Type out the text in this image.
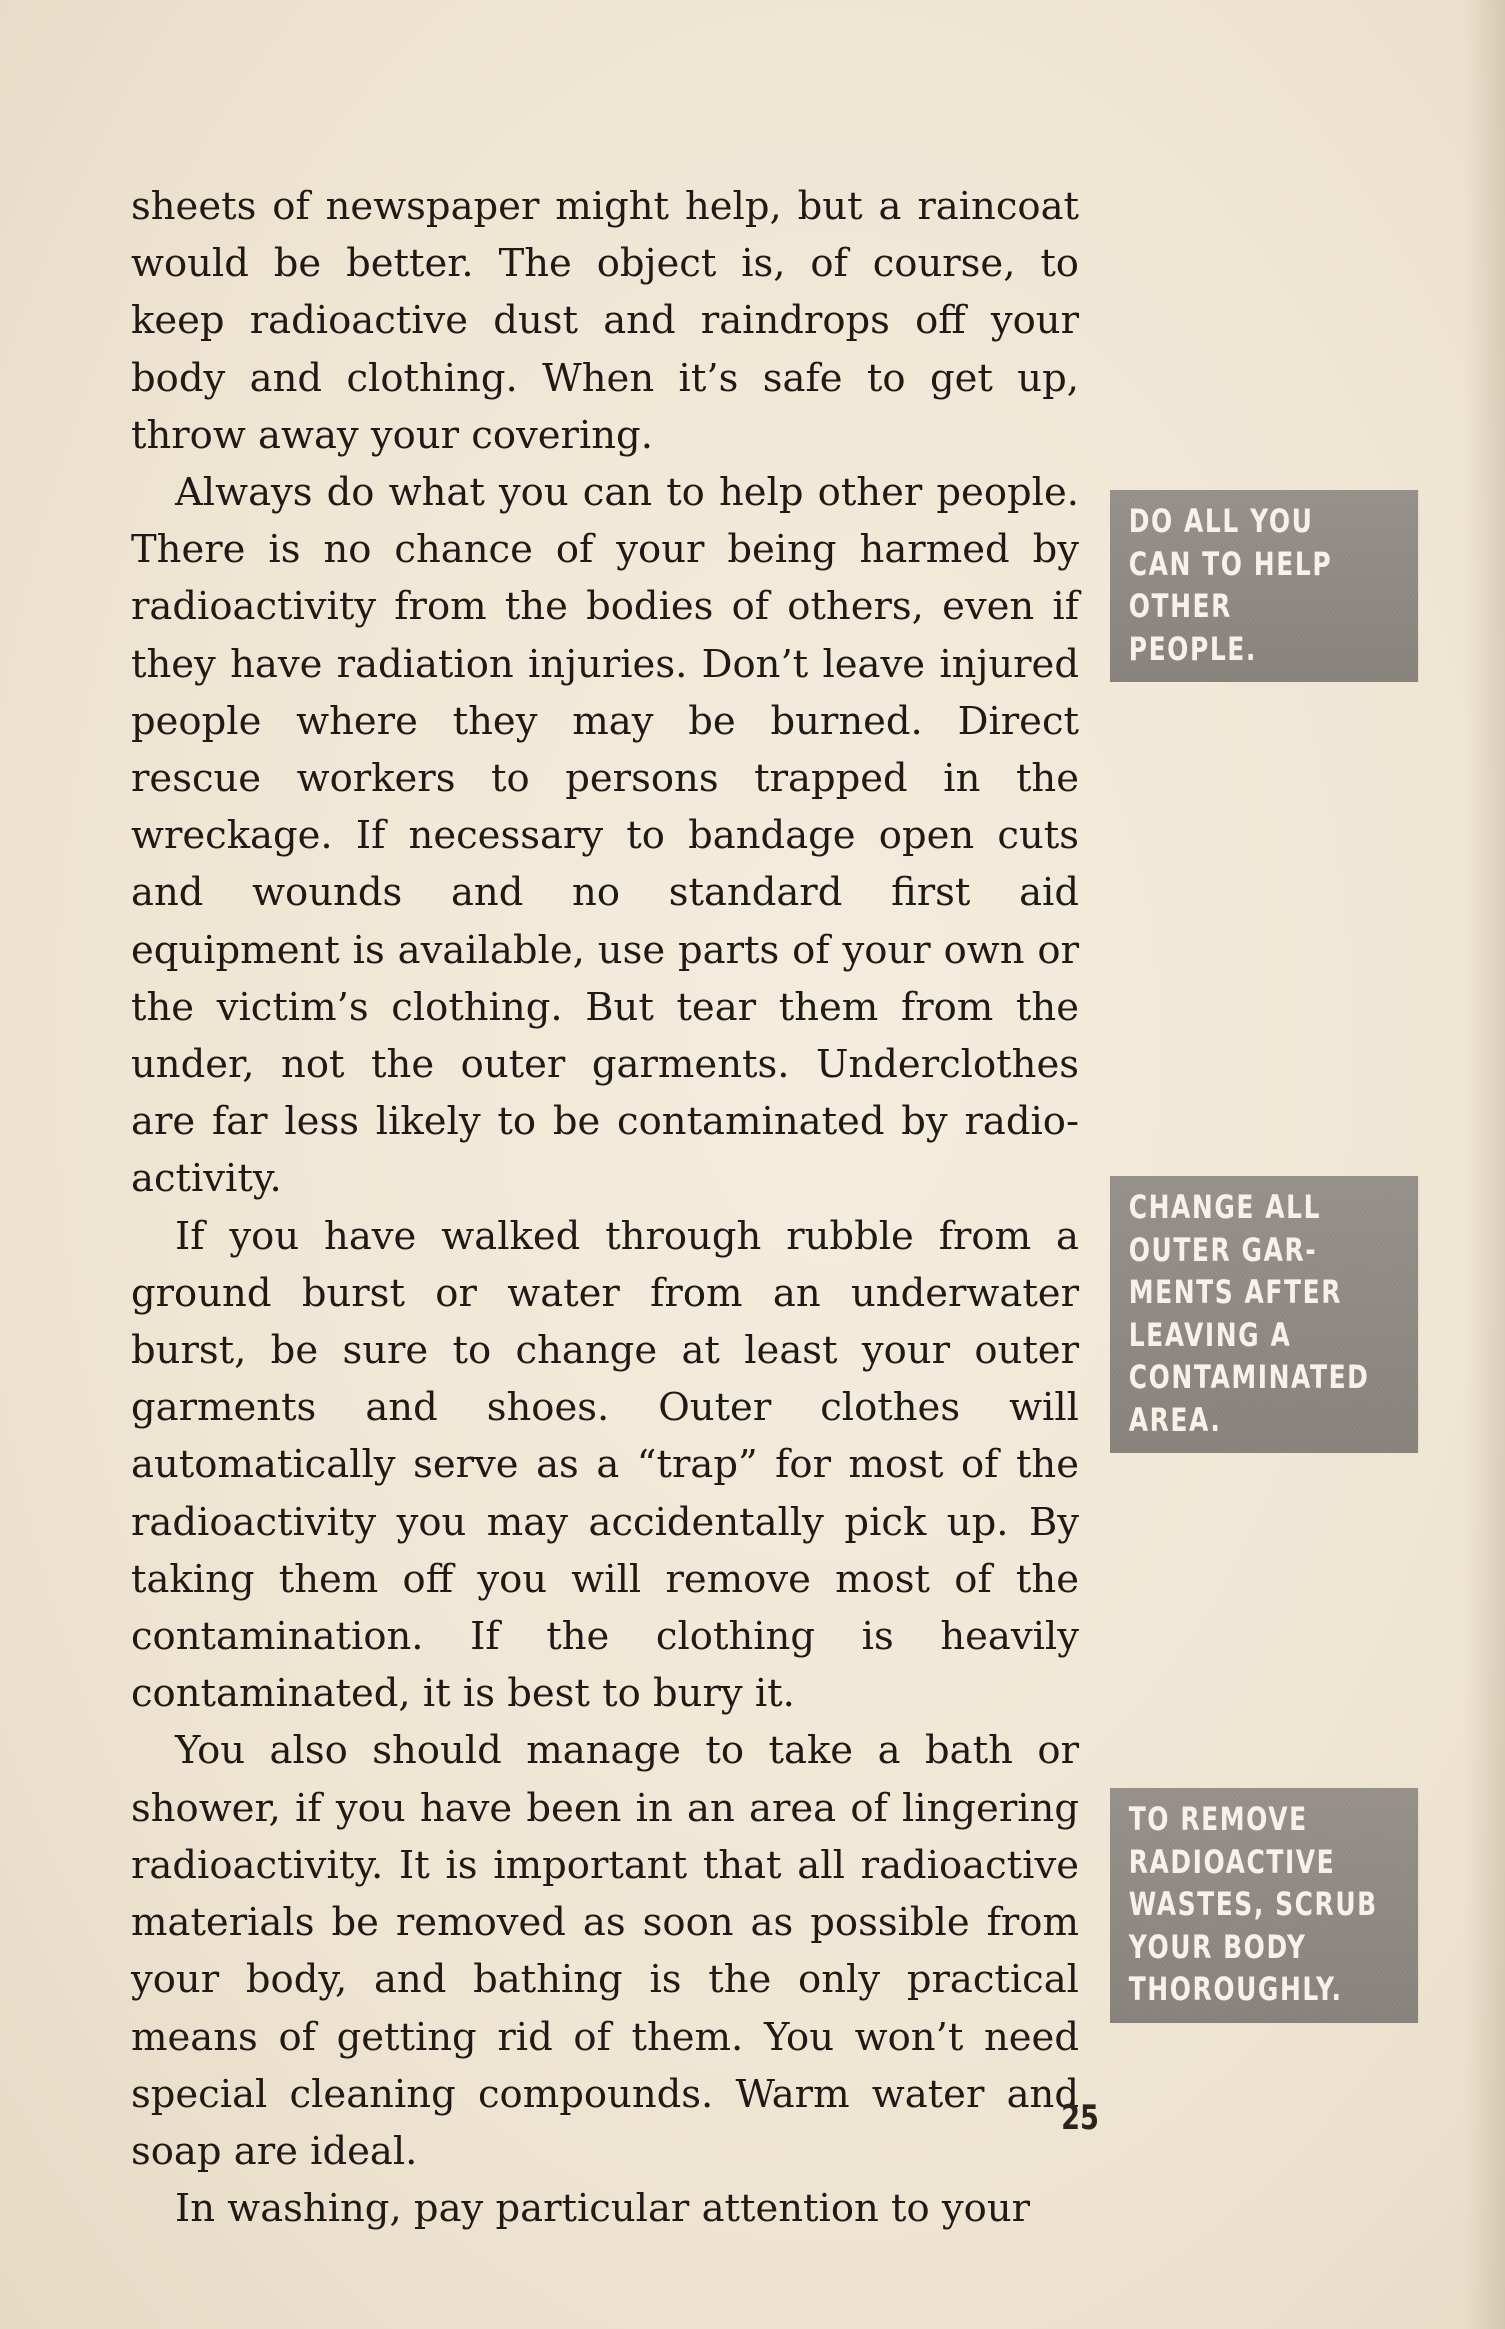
sheets of newspaper might help, but a raincoat would be better. The object is, of course, to keep radioactive dust and raindrops off your body and clothing. When it’s safe to get up, throw away your covering.

Always do what you can to help other people. There is no chance of your being harmed by radioactivity from the bodies of others, even if they have radiation injuries. Don’t leave injured people where they may be burned. Direct rescue workers to persons trapped in the wreckage. If necessary to bandage open cuts and wounds and no standard first aid equipment is available, use parts of your own or the victim’s clothing. But tear them from the under, not the outer garments. Underclothes are far less likely to be contaminated by radioactivity.

If you have walked through rubble from a ground burst or water from an underwater burst, be sure to change at least your outer garments and shoes. Outer clothes will automatically serve as a “trap” for most of the radioactivity you may accidentally pick up. By taking them off you will remove most of the contamination. If the clothing is heavily contaminated, it is best to bury it.

You also should manage to take a bath or shower, if you have been in an area of lingering radioactivity. It is important that all radioactive materials be removed as soon as possible from your body, and bathing is the only practical means of getting rid of them. You won’t need special cleaning compounds. Warm water and soap are ideal.

In washing, pay particular attention to your

DO ALL YOU
CAN TO HELP
OTHER
PEOPLE.
CHANGE ALL
OUTER GAR-
MENTS AFTER
LEAVING A
CONTAMINATED
AREA.
TO REMOVE
RADIOACTIVE
WASTES, SCRUB
YOUR BODY
THOROUGHLY.
25
